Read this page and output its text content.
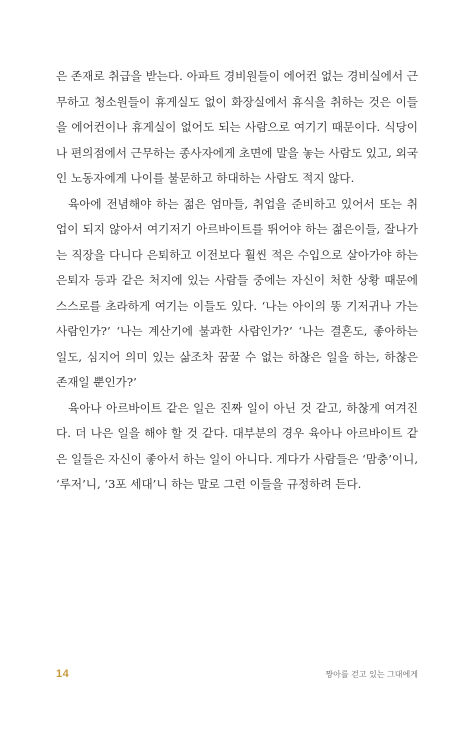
은 존재로 취급을 받는다. 아파트 경비원들이 에어컨 없는 경비실에서 근무하고 청소원들이 휴게실도 없이 화장실에서 휴식을 취하는 것은 이들을 에어컨이나 휴게실이 없어도 되는 사람으로 여기기 때문이다. 식당이나 편의점에서 근무하는 종사자에게 초면에 말을 놓는 사람도 있고, 외국인 노동자에게 나이를 불문하고 하대하는 사람도 적지 않다.

육아에 전념해야 하는 젊은 엄마들, 취업을 준비하고 있어서 또는 취업이 되지 않아서 여기저기 아르바이트를 뛰어야 하는 젊은이들, 잘나가는 직장을 다니다 은퇴하고 이전보다 훨씬 적은 수입으로 살아가야 하는 은퇴자 등과 같은 처지에 있는 사람들 중에는 자신이 처한 상황 때문에 스스로를 초라하게 여기는 이들도 있다. ‘나는 아이의 똥 기저귀나 가는 사람인가?’ ‘나는 계산기에 불과한 사람인가?’ ‘나는 결혼도, 좋아하는 일도, 심지어 의미 있는 삶조차 꿈꿀 수 없는 하찮은 일을 하는, 하찮은 존재일 뿐인가?’

육아나 아르바이트 같은 일은 진짜 일이 아닌 것 같고, 하찮게 여겨진다. 더 나은 일을 해야 할 것 같다. 대부분의 경우 육아나 아르바이트 같은 일들은 자신이 좋아서 하는 일이 아니다. 게다가 사람들은 ‘맘충’이니, ‘루저’니, ‘3포 세대’니 하는 말로 그런 이들을 규정하려 든다.

14	짱아를 걷고 있는 그대에게
